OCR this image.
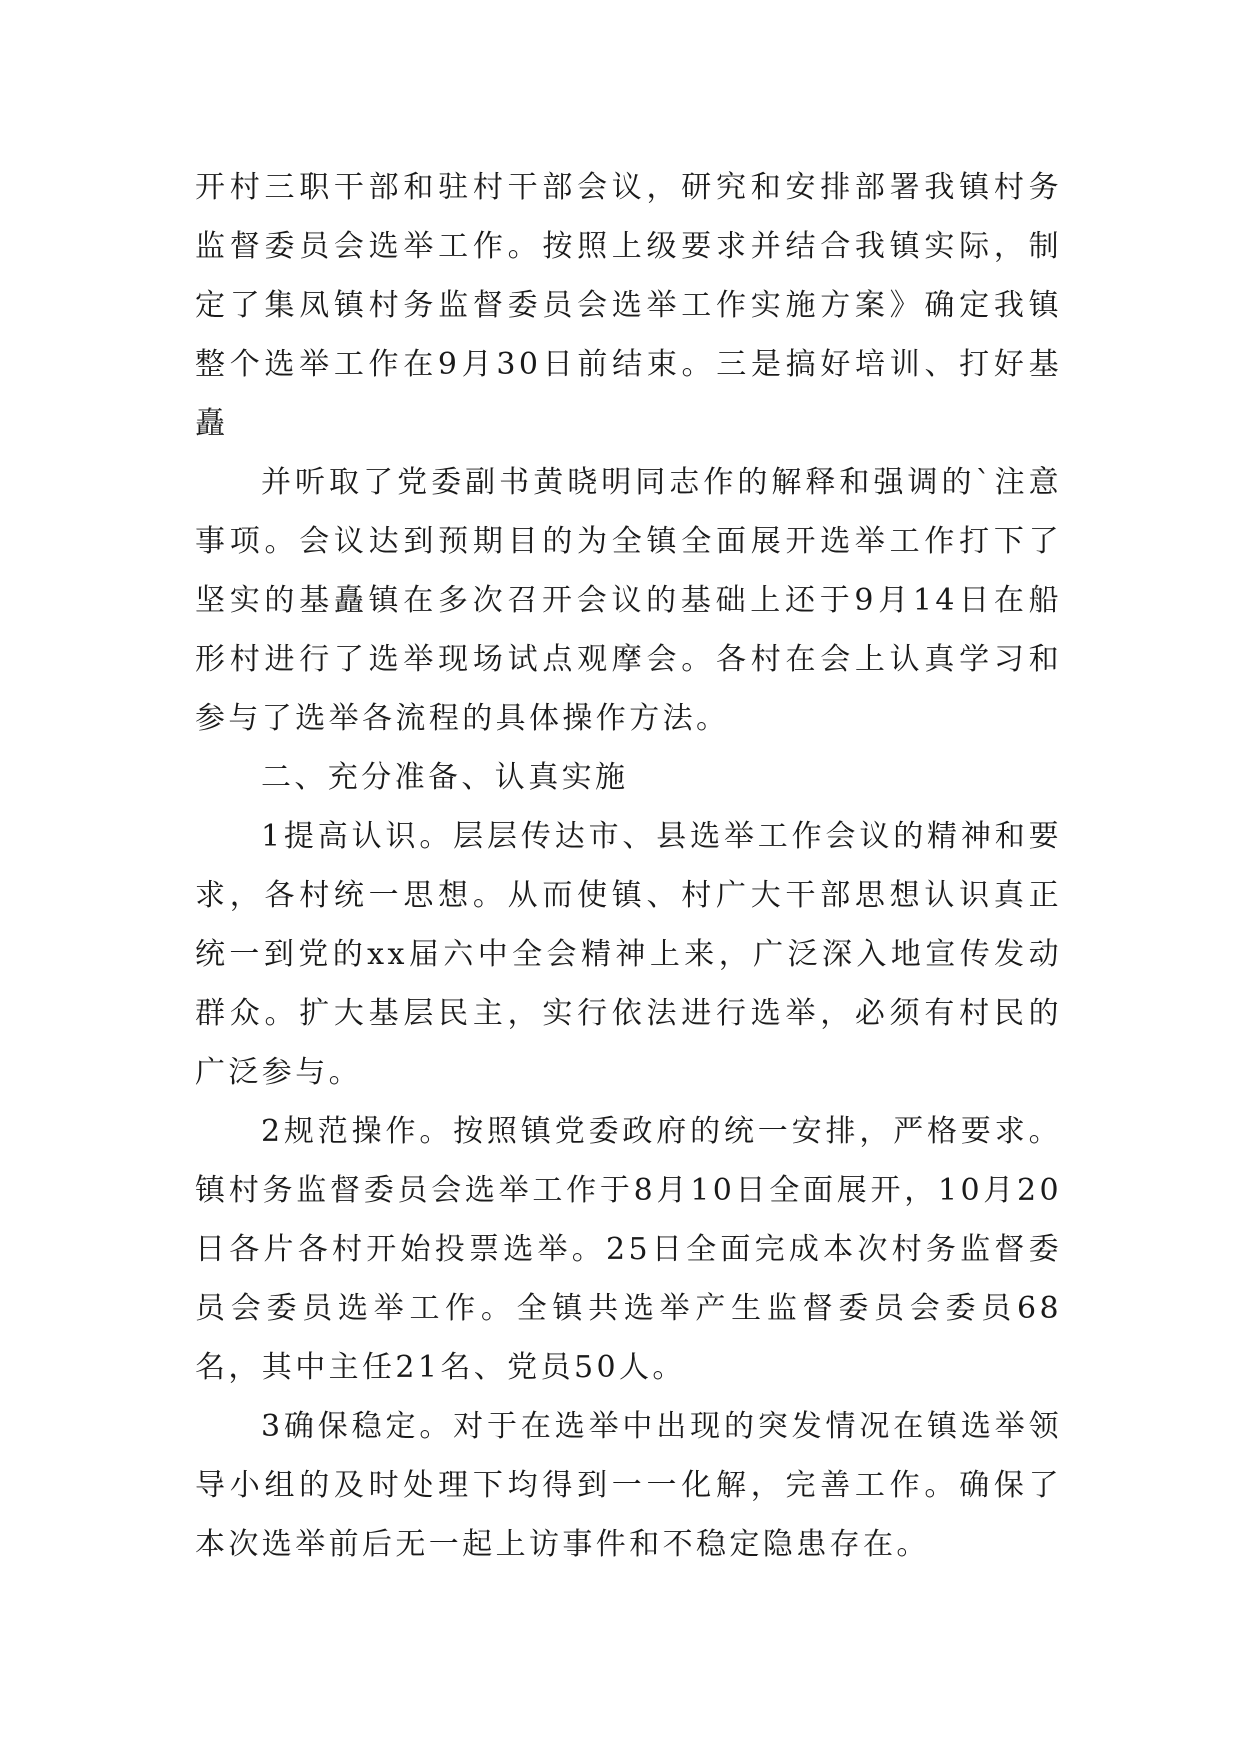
开村三职干部和驻村干部会议，研究和安排部署我镇村务监督委员会选举工作。按照上级要求并结合我镇实际，制定了集凤镇村务监督委员会选举工作实施方案》确定我镇整个选举工作在9月30日前结束。三是搞好培训、打好基矗

并听取了党委副书黄晓明同志作的解释和强调的`注意事项。会议达到预期目的为全镇全面展开选举工作打下了坚实的基矗镇在多次召开会议的基础上还于9月14日在船形村进行了选举现场试点观摩会。各村在会上认真学习和参与了选举各流程的具体操作方法。

二、充分准备、认真实施

1提高认识。层层传达市、县选举工作会议的精神和要求，各村统一思想。从而使镇、村广大干部思想认识真正统一到党的xx届六中全会精神上来，广泛深入地宣传发动群众。扩大基层民主，实行依法进行选举，必须有村民的广泛参与。

2规范操作。按照镇党委政府的统一安排，严格要求。镇村务监督委员会选举工作于8月10日全面展开，10月20日各片各村开始投票选举。25日全面完成本次村务监督委员会委员选举工作。全镇共选举产生监督委员会委员68名，其中主任21名、党员50人。

3确保稳定。对于在选举中出现的突发情况在镇选举领导小组的及时处理下均得到一一化解，完善工作。确保了本次选举前后无一起上访事件和不稳定隐患存在。
